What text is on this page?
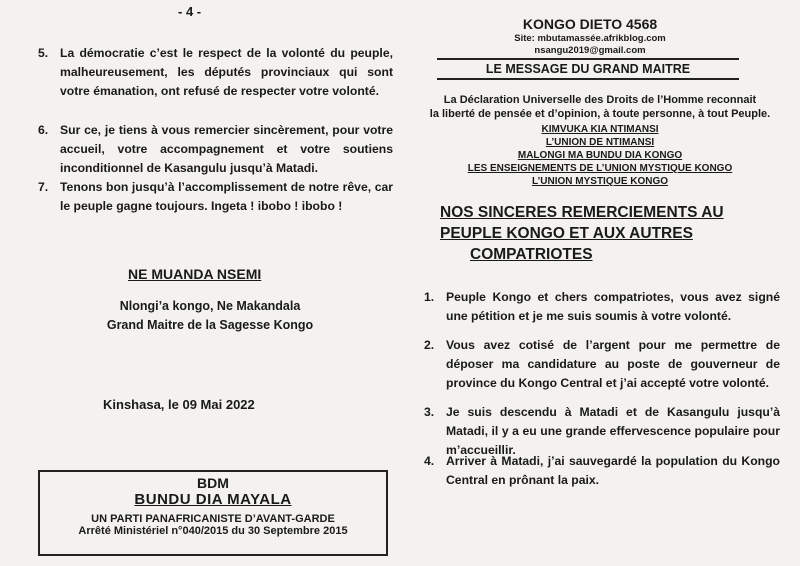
- 4 -
5. La démocratie c’est le respect de la volonté du peuple, malheureusement, les députés provinciaux qui sont votre émanation, ont refusé de respecter votre volonté.
6. Sur ce, je tiens à vous remercier sincèrement, pour votre accueil, votre accompagnement et votre soutiens inconditionnel de Kasangulu jusqu’à Matadi.
7. Tenons bon jusqu’à l’accomplissement de notre rêve, car le peuple gagne toujours. Ingeta ! ibobo ! ibobo !
NE MUANDA NSEMI
Nlongi’a kongo, Ne Makandala
Grand Maitre de la Sagesse Kongo
Kinshasa, le 09 Mai 2022
BDM
BUNDU DIA MAYALA
UN PARTI PANAFRICANISTE D’AVANT-GARDE
Arrêté Ministériel n°040/2015 du 30 Septembre 2015
KONGO DIETO 4568
Site: mbutamassée.afrikblog.com
nsangu2019@gmail.com
LE MESSAGE DU GRAND MAITRE
La Déclaration Universelle des Droits de l’Homme reconnait
la liberté de pensée et d’opinion, à toute personne, à tout Peuple.
KIMVUKA KIA NTIMANSI
L’UNION DE NTIMANSI
MALONGI MA BUNDU DIA KONGO
LES ENSEIGNEMENTS DE L’UNION MYSTIQUE KONGO
L’UNION MYSTIQUE KONGO
NOS SINCERES REMERCIEMENTS AU
PEUPLE KONGO ET AUX AUTRES
COMPATRIOTES
1. Peuple Kongo et chers compatriotes, vous avez signé une pétition et je me suis soumis à votre volonté.
2. Vous avez cotisé de l’argent pour me permettre de déposer ma candidature au poste de gouverneur de province du Kongo Central et j’ai accepté votre volonté.
3. Je suis descendu à Matadi et de Kasangulu jusqu’à Matadi, il y a eu une grande effervescence populaire pour m’accueillir.
4. Arriver à Matadi, j’ai sauvegardé la population du Kongo Central en prônant la paix.
